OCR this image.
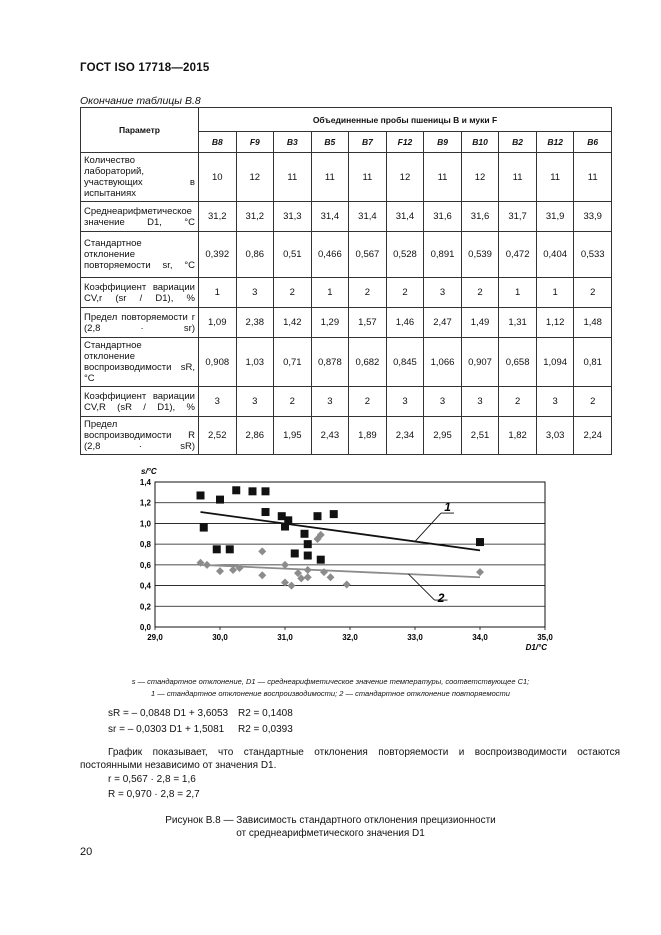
ГОСТ ISO 17718—2015
Окончание таблицы В.8
Параметр	Объединенные пробы пшеницы B и муки F										
	B8	F9	B3	B5	B7	F12	B9	B10	B2	B12	B6
Количество лабораторий, участвующих в испытаниях	10	12	11	11	11	12	11	12	11	11	11
Среднеарифметическое значение D1, °C	31,2	31,2	31,3	31,4	31,4	31,4	31,6	31,6	31,7	31,9	33,9
Стандартное отклонение повторяемости sr, °C	0,392	0,86	0,51	0,466	0,567	0,528	0,891	0,539	0,472	0,404	0,533
Коэффициент вариации CV,r (sr / D1), %	1	3	2	1	2	2	3	2	1	1	2
Предел повторяемости r (2,8 · sr)	1,09	2,38	1,42	1,29	1,57	1,46	2,47	1,49	1,31	1,12	1,48
Стандартное отклонение воспроизводимости sR, °C	0,908	1,03	0,71	0,878	0,682	0,845	1,066	0,907	0,658	1,094	0,81
Коэффициент вариации CV,R (sR / D1), %	3	3	2	3	2	3	3	3	2	3	2
Предел воспроизводимости R (2,8 · sR)	2,52	2,86	1,95	2,43	1,89	2,34	2,95	2,51	1,82	3,03	2,24
0,0
0,2
0,4
0,6
0,8
1,0
1,2
1,4
29,0	30,0	31,0	32,0	33,0	34,0	35,0
s/°C
D1/°C
1
2
s — стандартное отклонение, D1 — среднеарифметическое значение температуры, соответствующее C1;
1 — стандартное отклонение воспроизводимости; 2 — стандартное отклонение повторяемости
sR = – 0,0848 D1 + 3,6053 R2 = 0,1408
sr = – 0,0303 D1 + 1,5081 R2 = 0,0393
График показывает, что стандартные отклонения повторяемости и воспроизводимости остаются постоянными независимо от значения D1.
r = 0,567 · 2,8 = 1,6
R = 0,970 · 2,8 = 2,7
Рисунок В.8 — Зависимость стандартного отклонения прецизионности
от среднеарифметического значения D1
20
